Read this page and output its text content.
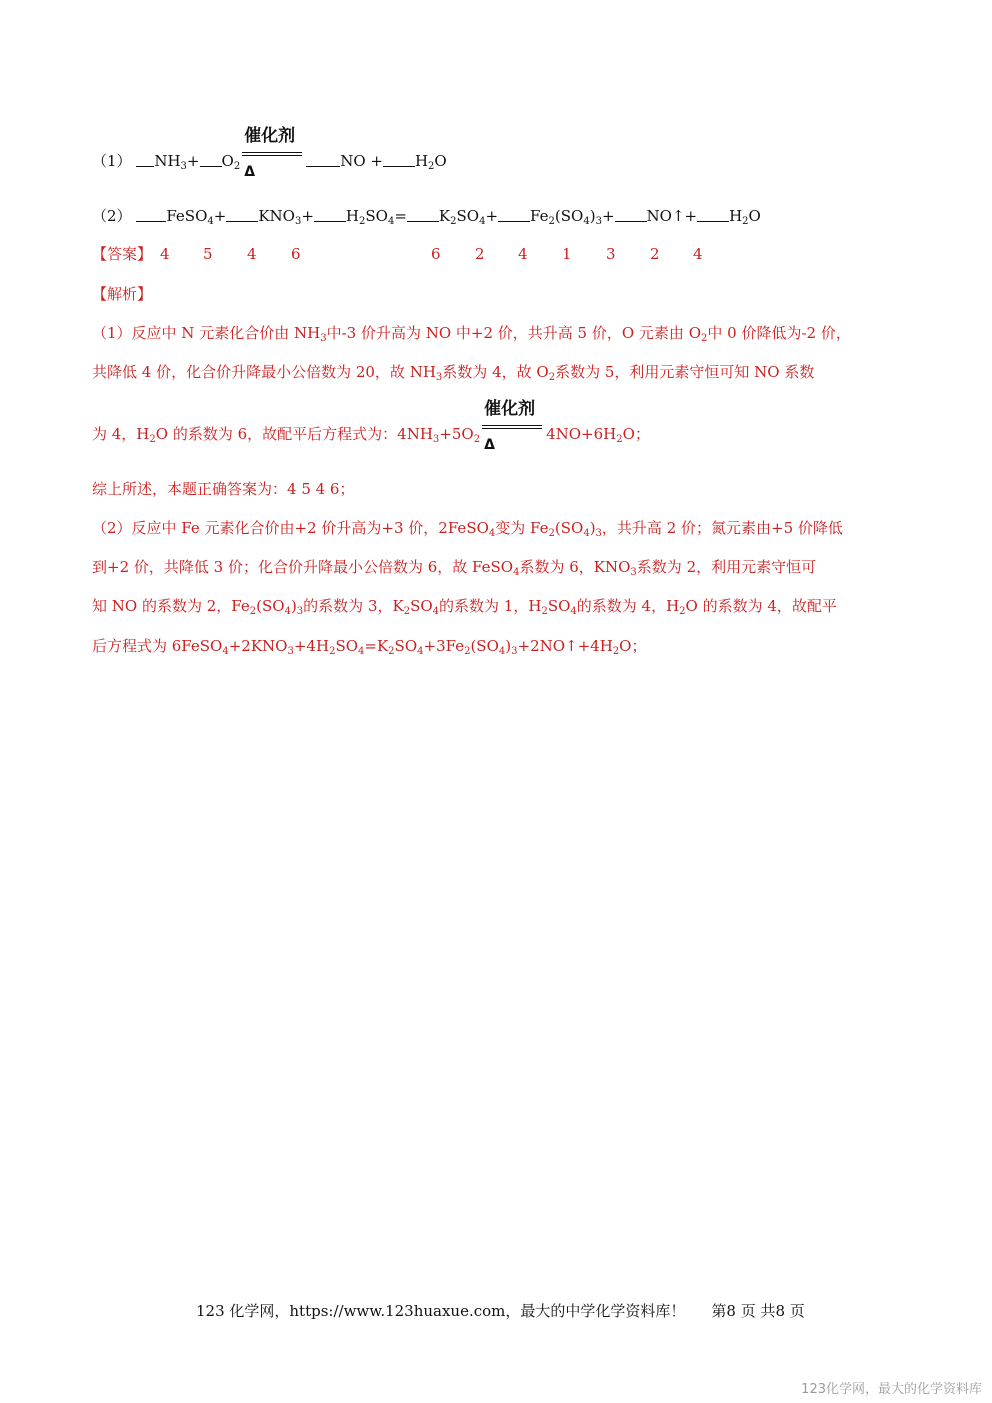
（1） $NH_3+ O_2$
催化剂
Δ
NO + $H_2O$
（2） FeSO$_4$+ $KNO_3+ H_2SO_4= K_2SO_4+ Fe_2(SO_4)_3+$ NO↑+ $H_2O$
【答案】 4 5 4 6	6 2 4 1 3 2 4
【解析】
（1）反应中 N 元素化合价由 $NH_3$中-3 价升高为 NO 中+2 价，共升高 5 价，O 元素由 $O_2$中 0 价降低为-2 价，
共降低 4 价，化合价升降最小公倍数为 20，故 $NH_3$系数为 4，故 $O_2$系数为 5，利用元素守恒可知 NO 系数
为 4，$H_2O$ 的系数为 6，故配平后方程式为：$4NH_3+5O_2$
催化剂
Δ
$4NO+6H_2O$；
综上所述，本题正确答案为：4 5 4 6；
（2）反应中 Fe 元素化合价由+2 价升高为+3 价，2FeSO$_4$变为 $Fe_2(SO_4)_3$，共升高 2 价；氮元素由+5 价降低
到+2 价，共降低 3 价；化合价升降最小公倍数为 6，故 FeSO$_4$系数为 6，$KNO_3$系数为 2，利用元素守恒可
知 NO 的系数为 2，$Fe_2(SO_4)_3$的系数为 3，$K_2SO_4$的系数为 1，$H_2SO_4$的系数为 4，$H_2O$ 的系数为 4，故配平
后方程式为 $6FeSO_4+2KNO_3+4H_2SO_4=K_2SO_4+3Fe_2(SO_4)_3+2NO↑+4H_2O$；
123 化学网，https://www.123huaxue.com，最大的中学化学资料库！ 第8 页 共8 页
123化学网，最大的化学资料库
